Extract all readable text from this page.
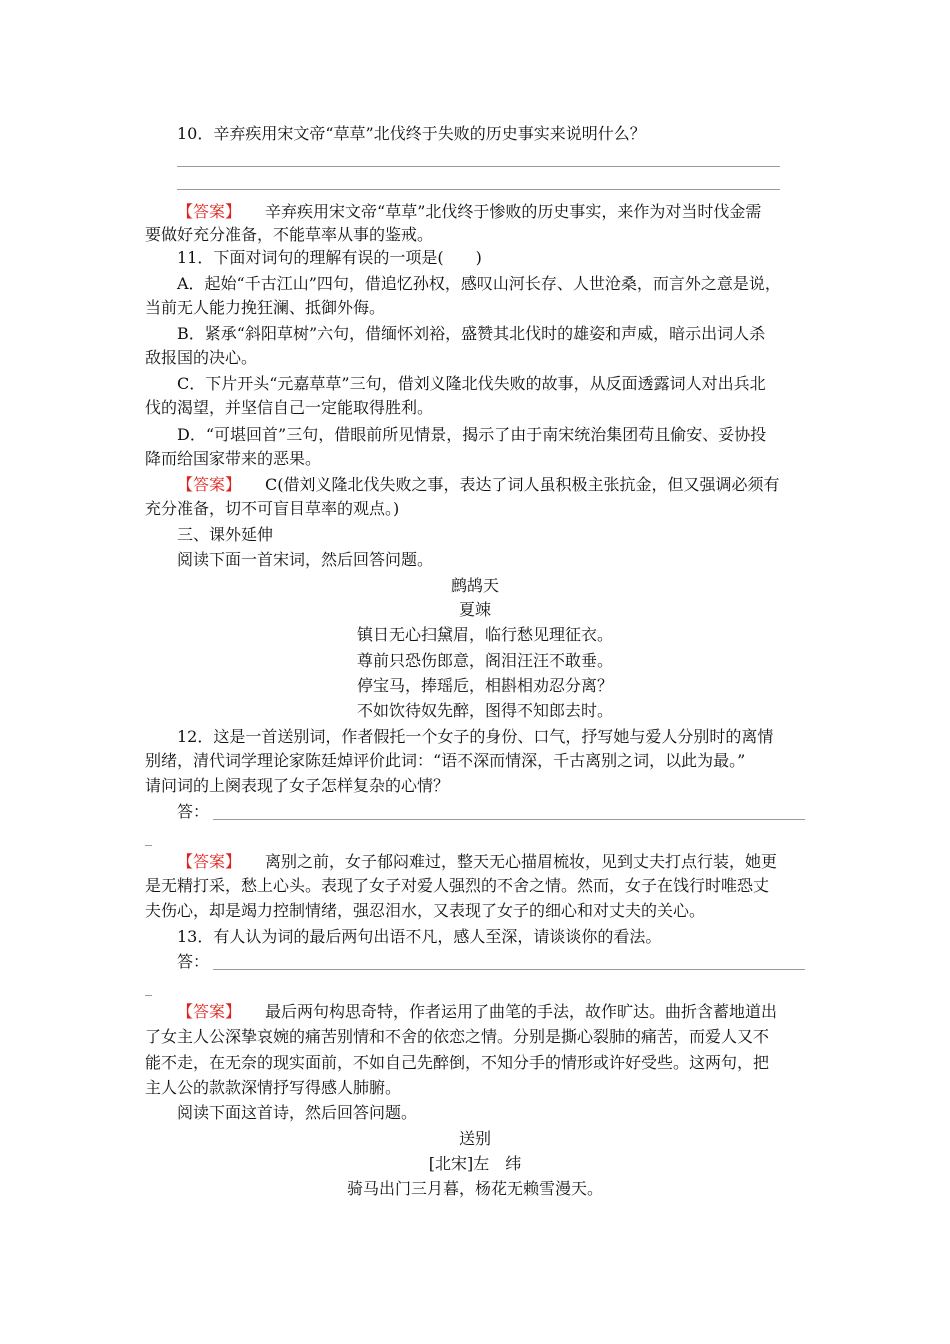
10．辛弃疾用宋文帝“草草”北伐终于失败的历史事实来说明什么？
【答案】 辛弃疾用宋文帝“草草”北伐终于惨败的历史事实，来作为对当时伐金需
要做好充分准备，不能草率从事的鉴戒。
11．下面对词句的理解有误的一项是(　　)
A．起始“千古江山”四句，借追忆孙权，感叹山河长存、人世沧桑，而言外之意是说，
当前无人能力挽狂澜、抵御外侮。
B．紧承“斜阳草树”六句，借缅怀刘裕，盛赞其北伐时的雄姿和声威，暗示出词人杀
敌报国的决心。
C．下片开头“元嘉草草”三句，借刘义隆北伐失败的故事，从反面透露词人对出兵北
伐的渴望，并坚信自己一定能取得胜利。
D．“可堪回首”三句，借眼前所见情景，揭示了由于南宋统治集团苟且偷安、妥协投
降而给国家带来的恶果。
【答案】 C(借刘义隆北伐失败之事，表达了词人虽积极主张抗金，但又强调必须有
充分准备，切不可盲目草率的观点。)
三、课外延伸
阅读下面一首宋词，然后回答问题。
鹧鸪天
夏竦
镇日无心扫黛眉，临行愁见理征衣。
尊前只恐伤郎意，阁泪汪汪不敢垂。
停宝马，捧瑶卮，相斟相劝忍分离？
不如饮待奴先醉，图得不知郎去时。
12．这是一首送别词，作者假托一个女子的身份、口气，抒写她与爱人分别时的离情
别绪，清代词学理论家陈廷焯评价此词：“语不深而情深，千古离别之词，以此为最。”
请问词的上阕表现了女子怎样复杂的心情？
答：
【答案】 离别之前，女子郁闷难过，整天无心描眉梳妆，见到丈夫打点行装，她更
是无精打采，愁上心头。表现了女子对爱人强烈的不舍之情。然而，女子在饯行时唯恐丈
夫伤心，却是竭力控制情绪，强忍泪水，又表现了女子的细心和对丈夫的关心。
13．有人认为词的最后两句出语不凡，感人至深，请谈谈你的看法。
答：
【答案】 最后两句构思奇特，作者运用了曲笔的手法，故作旷达。曲折含蓄地道出
了女主人公深挚哀婉的痛苦别情和不舍的依恋之情。分别是撕心裂肺的痛苦，而爱人又不
能不走，在无奈的现实面前，不如自己先醉倒，不知分手的情形或许好受些。这两句，把
主人公的款款深情抒写得感人肺腑。
阅读下面这首诗，然后回答问题。
送别
[北宋]左　纬
骑马出门三月暮，杨花无赖雪漫天。
